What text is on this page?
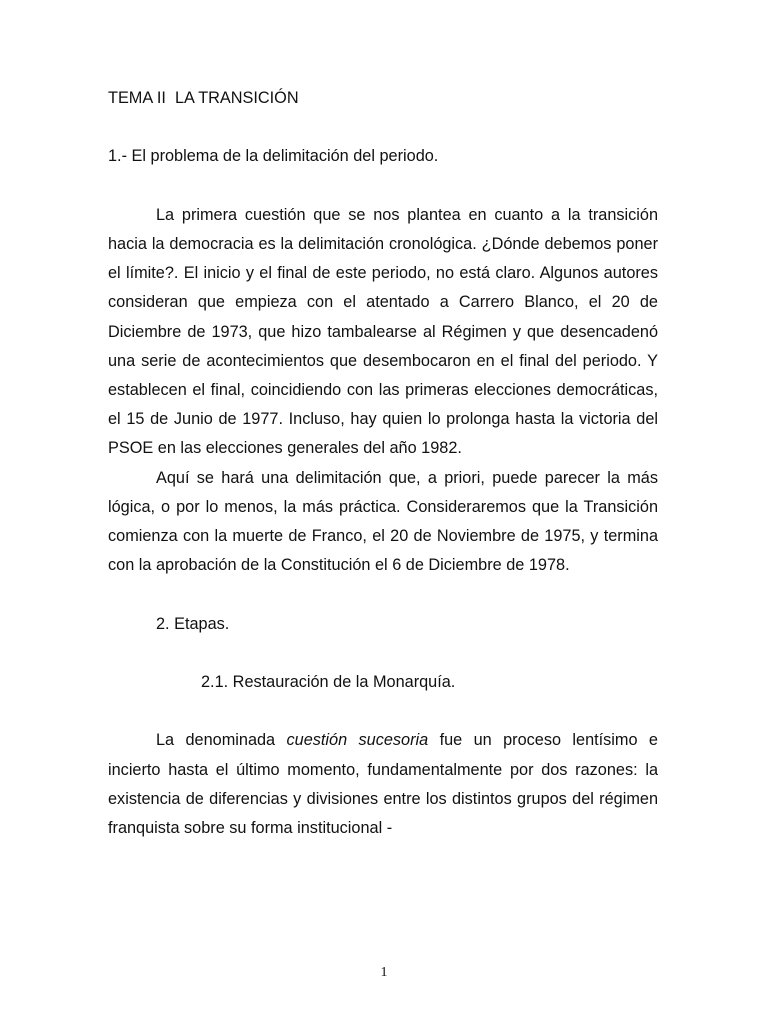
TEMA II  LA TRANSICIÓN
1.- El problema de la delimitación del periodo.

La primera cuestión que se nos plantea en cuanto a la transición hacia la democracia es la delimitación cronológica. ¿Dónde debemos poner el límite?. El inicio y el final de este periodo, no está claro. Algunos autores consideran que empieza con el atentado a Carrero Blanco, el 20 de Diciembre de 1973, que hizo tambalearse al Régimen y que desencadenó una serie de acontecimientos que desembocaron en el final del periodo. Y establecen el final, coincidiendo con las primeras elecciones democráticas, el 15 de Junio de 1977. Incluso, hay quien lo prolonga hasta la victoria del PSOE en las elecciones generales del año 1982.

Aquí se hará una delimitación que, a priori, puede parecer la más lógica, o por lo menos, la más práctica. Consideraremos que la Transición comienza con la muerte de Franco, el 20 de Noviembre de 1975, y termina con la aprobación de la Constitución el 6 de Diciembre de 1978.

2. Etapas.
2.1. Restauración de la Monarquía.

La denominada cuestión sucesoria fue un proceso lentísimo e incierto hasta el último momento, fundamentalmente por dos razones: la existencia de diferencias y divisiones entre los distintos grupos del régimen franquista sobre su forma institucional -

1
